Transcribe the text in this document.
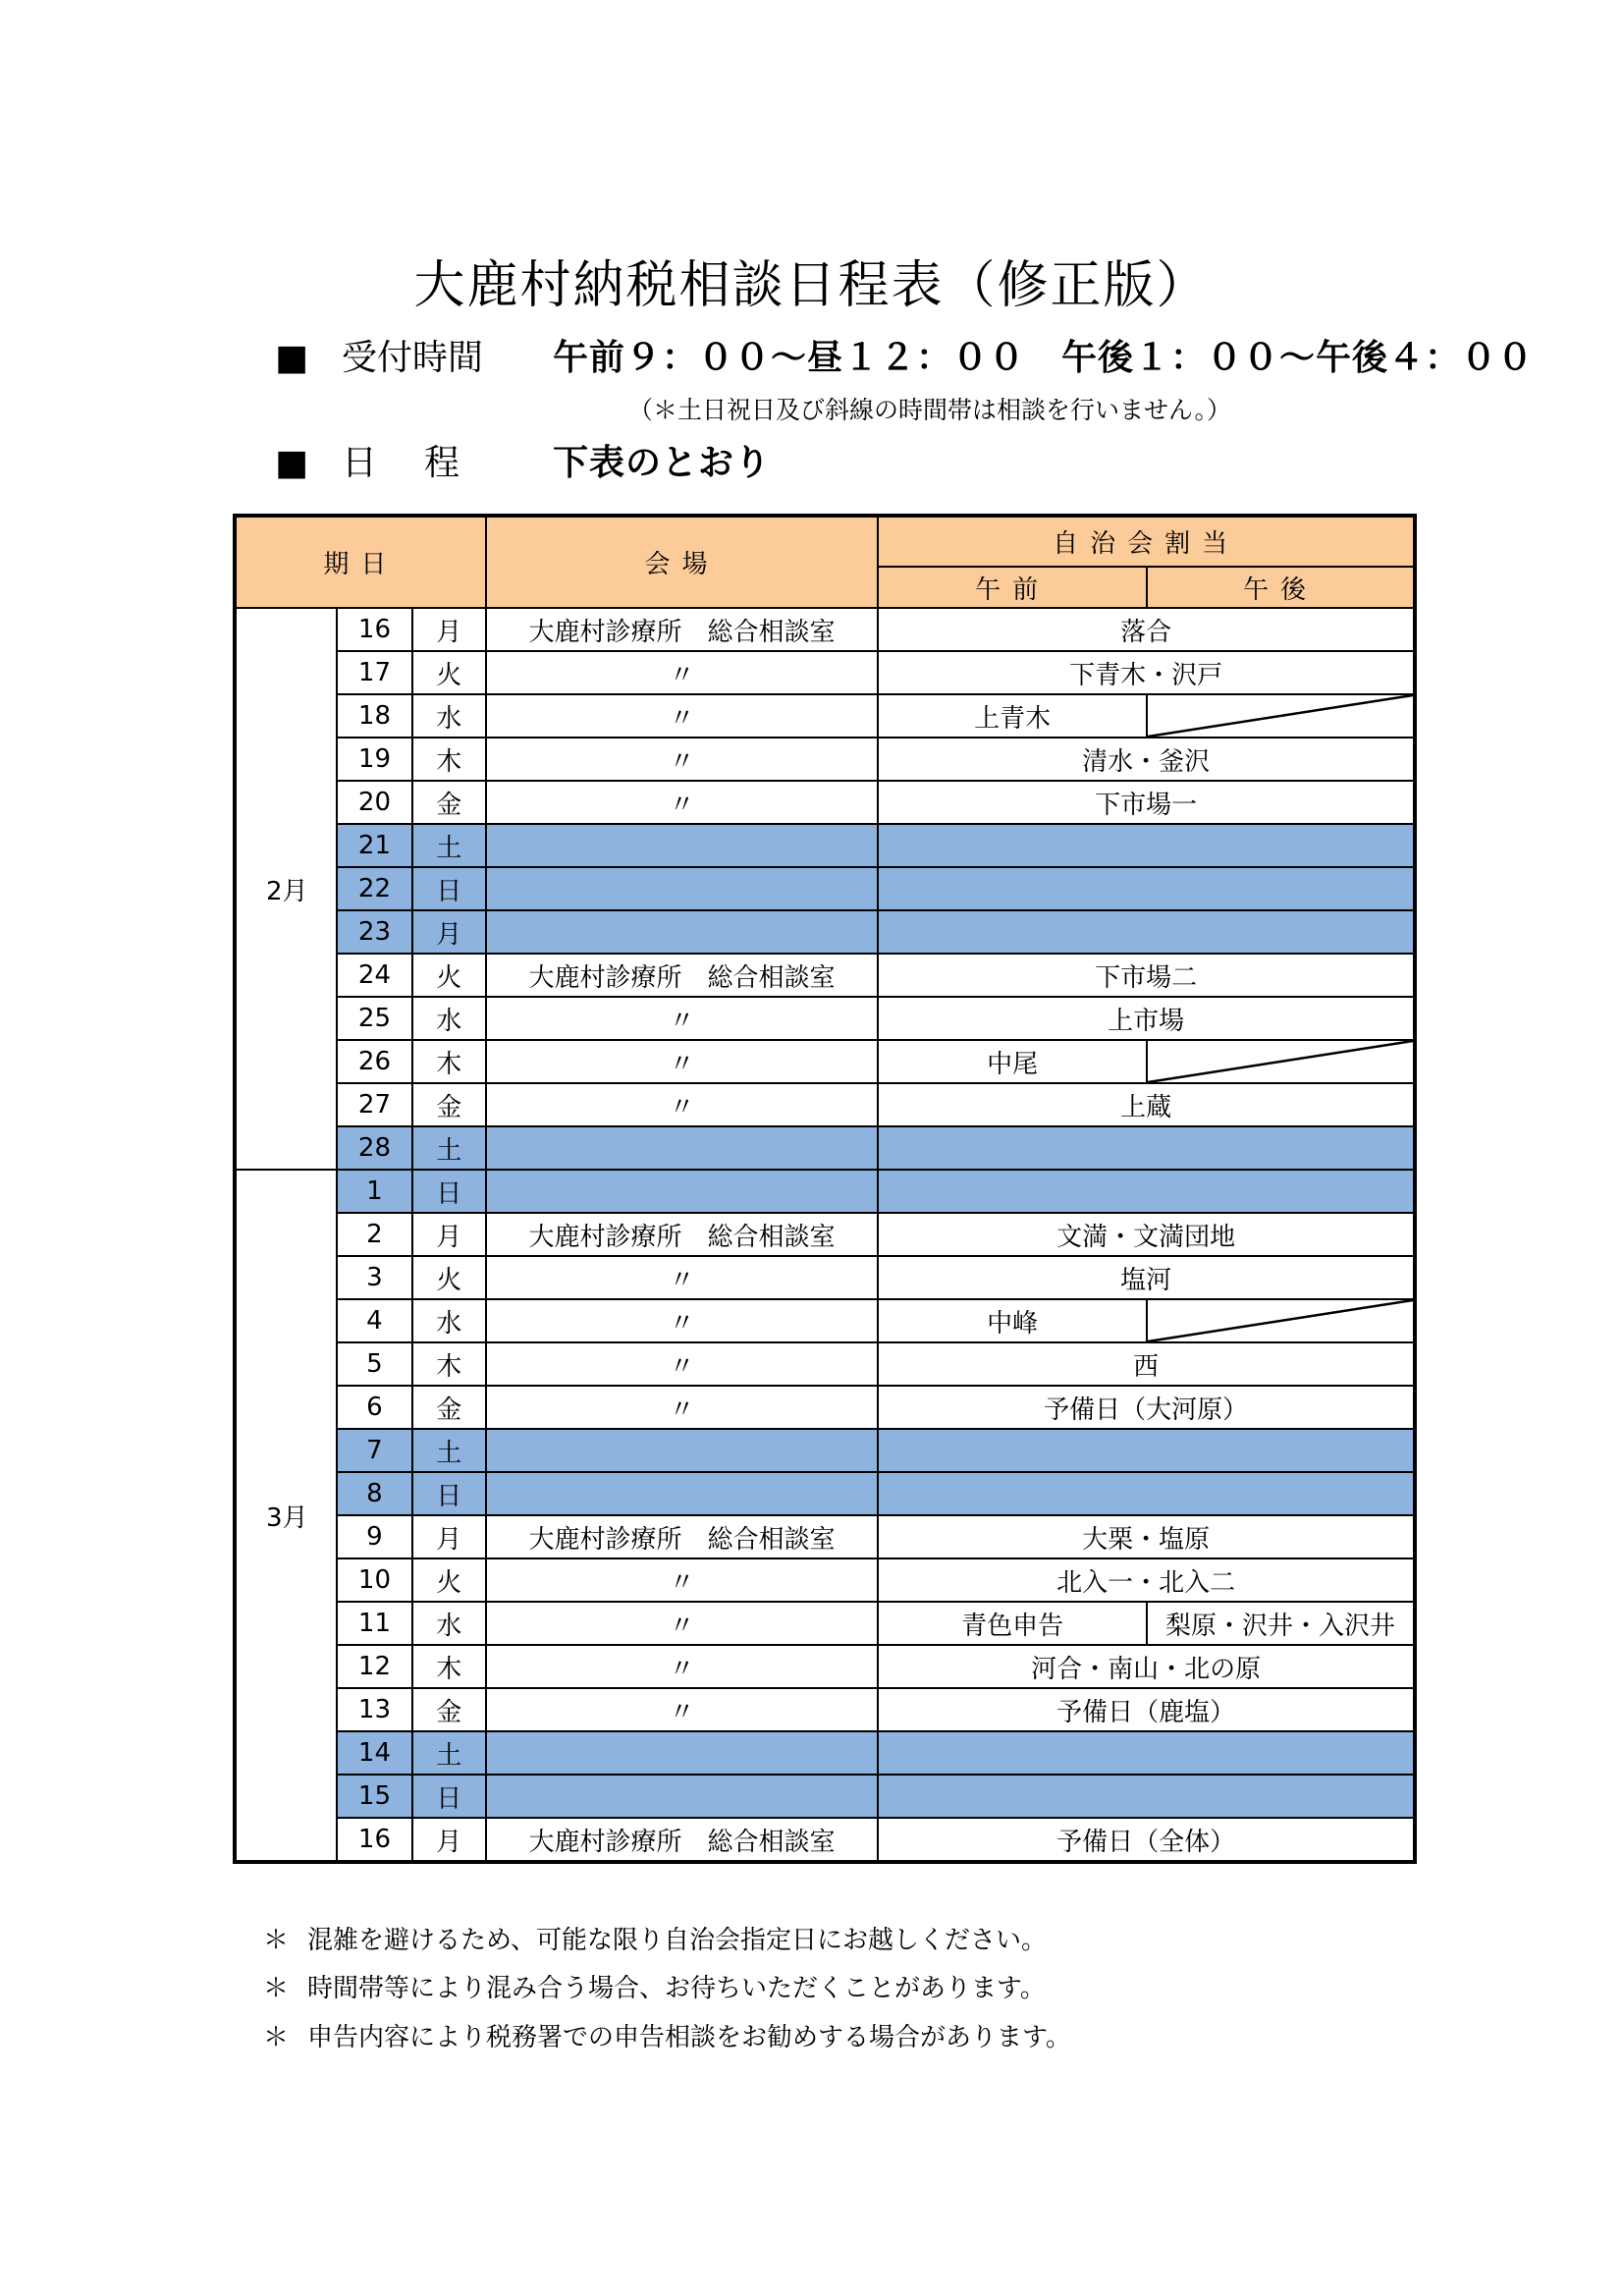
大鹿村納税相談日程表（修正版）
■ 受付時間 午前９：００～昼１２：００　午後１：００～午後４：００
（＊土日祝日及び斜線の時間帯は相談を行いません。）
■ 日程 下表のとおり
期日			会場	自治会割当	
				午前	午後
2月	16	月	大鹿村診療所　総合相談室	落合	
	17	火	〃	下青木・沢戸	
	18	水	〃	上青木	
	19	木	〃	清水・釜沢	
	20	金	〃	下市場一	
	21	土			
	22	日			
	23	月			
	24	火	大鹿村診療所　総合相談室	下市場二	
	25	水	〃	上市場	
	26	木	〃	中尾	
	27	金	〃	上蔵	
	28	土			
3月	1	日			
	2	月	大鹿村診療所　総合相談室	文満・文満団地	
	3	火	〃	塩河	
	4	水	〃	中峰	
	5	木	〃	西	
	6	金	〃	予備日（大河原）	
	7	土			
	8	日			
	9	月	大鹿村診療所　総合相談室	大栗・塩原	
	10	火	〃	北入一・北入二	
	11	水	〃	青色申告	梨原・沢井・入沢井
	12	木	〃	河合・南山・北の原	
	13	金	〃	予備日（鹿塩）	
	14	土			
	15	日			
	16	月	大鹿村診療所　総合相談室	予備日（全体）	
＊ 混雑を避けるため、可能な限り自治会指定日にお越しください。
＊ 時間帯等により混み合う場合、お待ちいただくことがあります。
＊ 申告内容により税務署での申告相談をお勧めする場合があります。
